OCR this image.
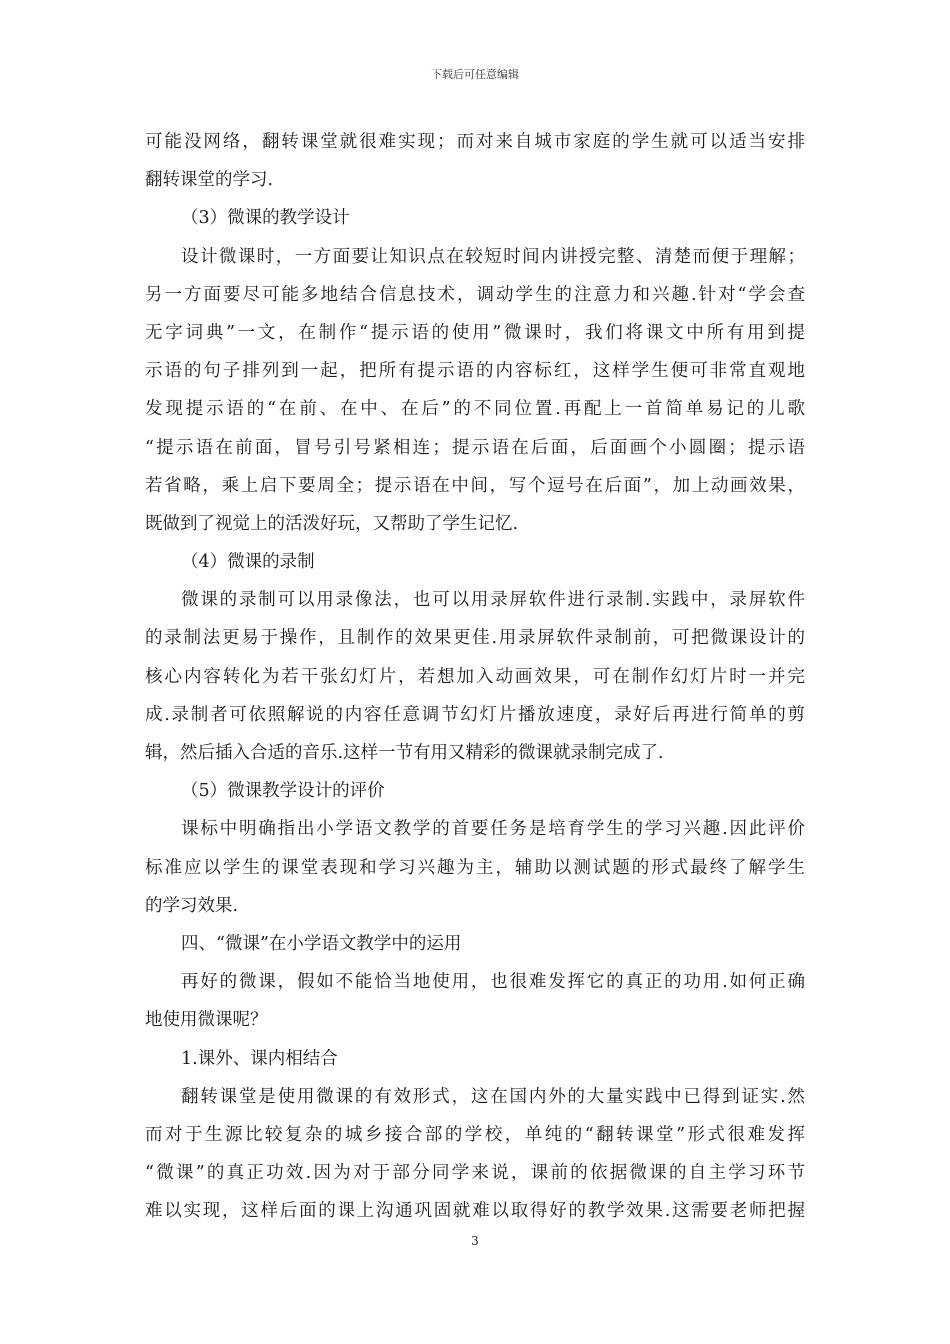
下载后可任意编辑
可能没网络，翻转课堂就很难实现；而对来自城市家庭的学生就可以适当安排
翻转课堂的学习.
（3）微课的教学设计
设计微课时，一方面要让知识点在较短时间内讲授完整、清楚而便于理解；
另一方面要尽可能多地结合信息技术，调动学生的注意力和兴趣.针对“学会查
无字词典”一文，在制作“提示语的使用”微课时，我们将课文中所有用到提
示语的句子排列到一起，把所有提示语的内容标红，这样学生便可非常直观地
发现提示语的“在前、在中、在后”的不同位置.再配上一首简单易记的儿歌
“提示语在前面，冒号引号紧相连；提示语在后面，后面画个小圆圈；提示语
若省略，乘上启下要周全；提示语在中间，写个逗号在后面”，加上动画效果，
既做到了视觉上的活泼好玩，又帮助了学生记忆.
（4）微课的录制
微课的录制可以用录像法，也可以用录屏软件进行录制.实践中，录屏软件
的录制法更易于操作，且制作的效果更佳.用录屏软件录制前，可把微课设计的
核心内容转化为若干张幻灯片，若想加入动画效果，可在制作幻灯片时一并完
成.录制者可依照解说的内容任意调节幻灯片播放速度，录好后再进行简单的剪
辑，然后插入合适的音乐.这样一节有用又精彩的微课就录制完成了.
（5）微课教学设计的评价
课标中明确指出小学语文教学的首要任务是培育学生的学习兴趣.因此评价
标准应以学生的课堂表现和学习兴趣为主，辅助以测试题的形式最终了解学生
的学习效果.
四、“微课”在小学语文教学中的运用
再好的微课，假如不能恰当地使用，也很难发挥它的真正的功用.如何正确
地使用微课呢？
1.课外、课内相结合
翻转课堂是使用微课的有效形式，这在国内外的大量实践中已得到证实.然
而对于生源比较复杂的城乡接合部的学校，单纯的“翻转课堂”形式很难发挥
“微课”的真正功效.因为对于部分同学来说，课前的依据微课的自主学习环节
难以实现，这样后面的课上沟通巩固就难以取得好的教学效果.这需要老师把握
3
